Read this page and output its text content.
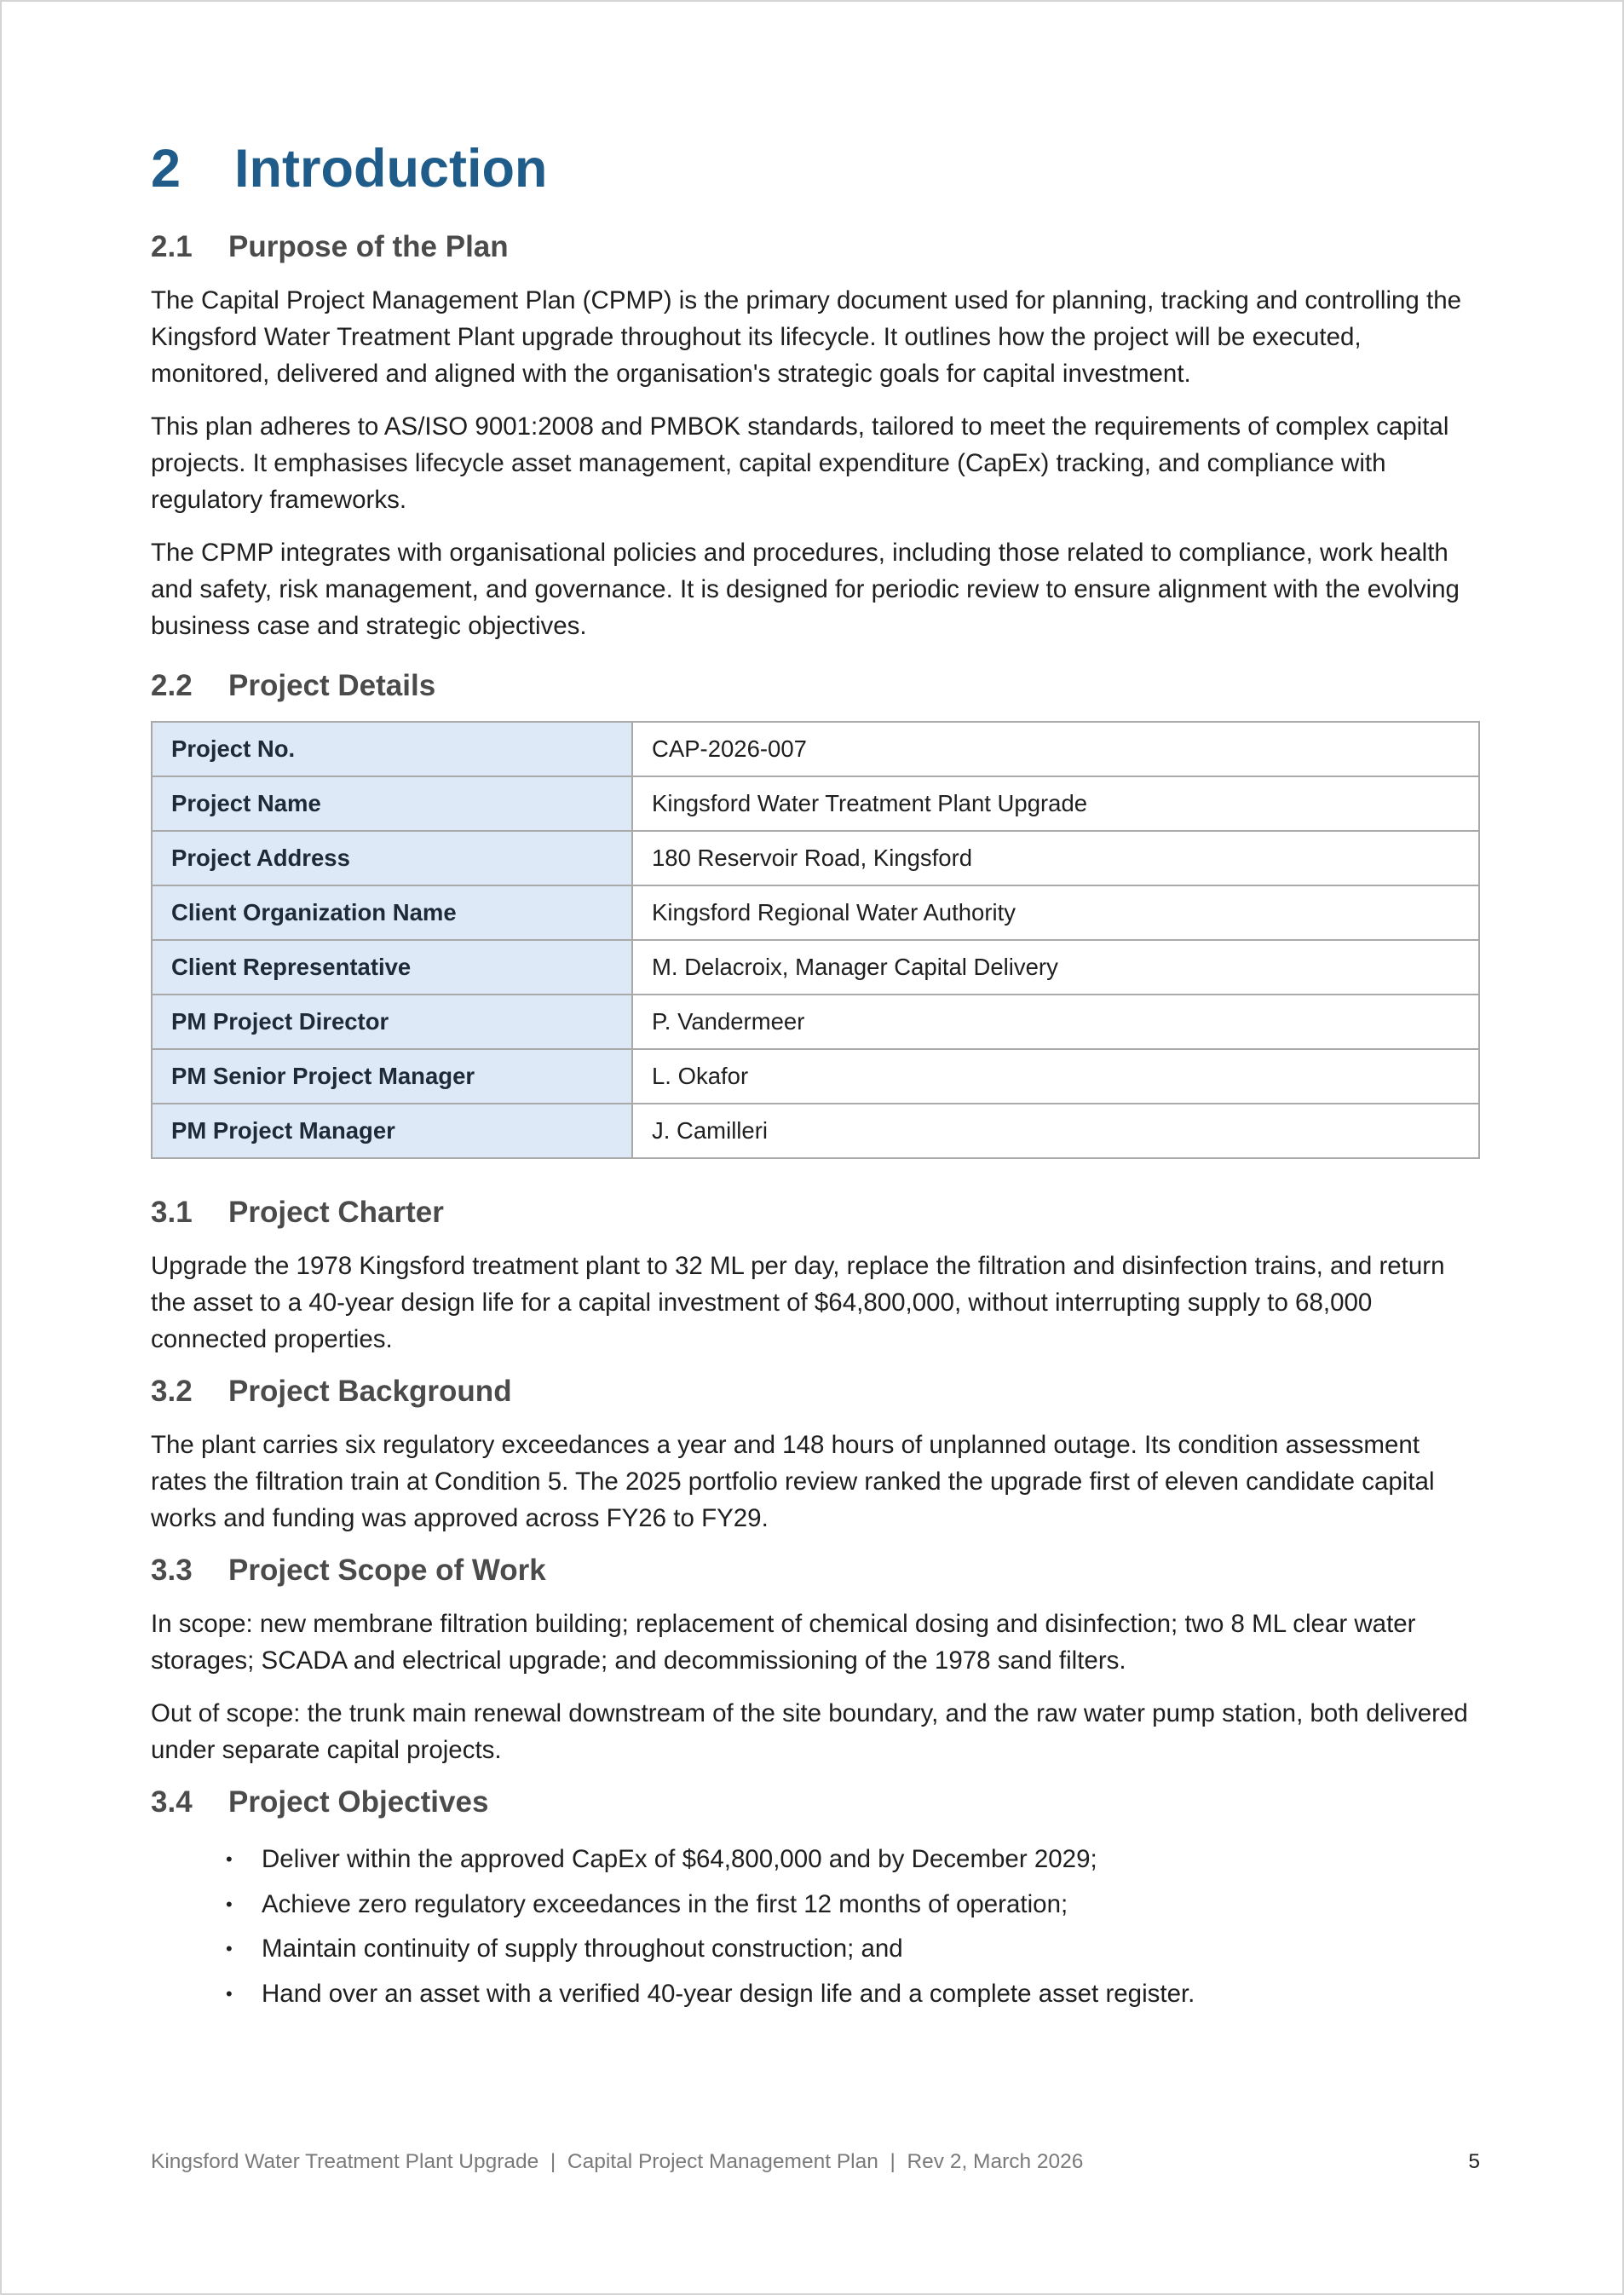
2 Introduction
2.1	Purpose of the Plan

The Capital Project Management Plan (CPMP) is the primary document used for planning, tracking and controlling the Kingsford Water Treatment Plant upgrade throughout its lifecycle. It outlines how the project will be executed, monitored, delivered and aligned with the organisation's strategic goals for capital investment.

This plan adheres to AS/ISO 9001:2008 and PMBOK standards, tailored to meet the requirements of complex capital projects. It emphasises lifecycle asset management, capital expenditure (CapEx) tracking, and compliance with regulatory frameworks.

The CPMP integrates with organisational policies and procedures, including those related to compliance, work health and safety, risk management, and governance. It is designed for periodic review to ensure alignment with the evolving business case and strategic objectives.

2.2	Project Details
Project No.	CAP-2026-007
Project Name	Kingsford Water Treatment Plant Upgrade
Project Address	180 Reservoir Road, Kingsford
Client Organization Name	Kingsford Regional Water Authority
Client Representative	M. Delacroix, Manager Capital Delivery
PM Project Director	P. Vandermeer
PM Senior Project Manager	L. Okafor
PM Project Manager	J. Camilleri
3.1	Project Charter

Upgrade the 1978 Kingsford treatment plant to 32 ML per day, replace the filtration and disinfection trains, and return the asset to a 40-year design life for a capital investment of $64,800,000, without interrupting supply to 68,000 connected properties.

3.2	Project Background

The plant carries six regulatory exceedances a year and 148 hours of unplanned outage. Its condition assessment rates the filtration train at Condition 5. The 2025 portfolio review ranked the upgrade first of eleven candidate capital works and funding was approved across FY26 to FY29.

3.3	Project Scope of Work

In scope: new membrane filtration building; replacement of chemical dosing and disinfection; two 8 ML clear water storages; SCADA and electrical upgrade; and decommissioning of the 1978 sand filters.

Out of scope: the trunk main renewal downstream of the site boundary, and the raw water pump station, both delivered under separate capital projects.

3.4	Project Objectives
• Deliver within the approved CapEx of $64,800,000 and by December 2029;
• Achieve zero regulatory exceedances in the first 12 months of operation;
• Maintain continuity of supply throughout construction; and
• Hand over an asset with a verified 40-year design life and a complete asset register.
Kingsford Water Treatment Plant Upgrade  |  Capital Project Management Plan  |  Rev 2, March 2026	5
